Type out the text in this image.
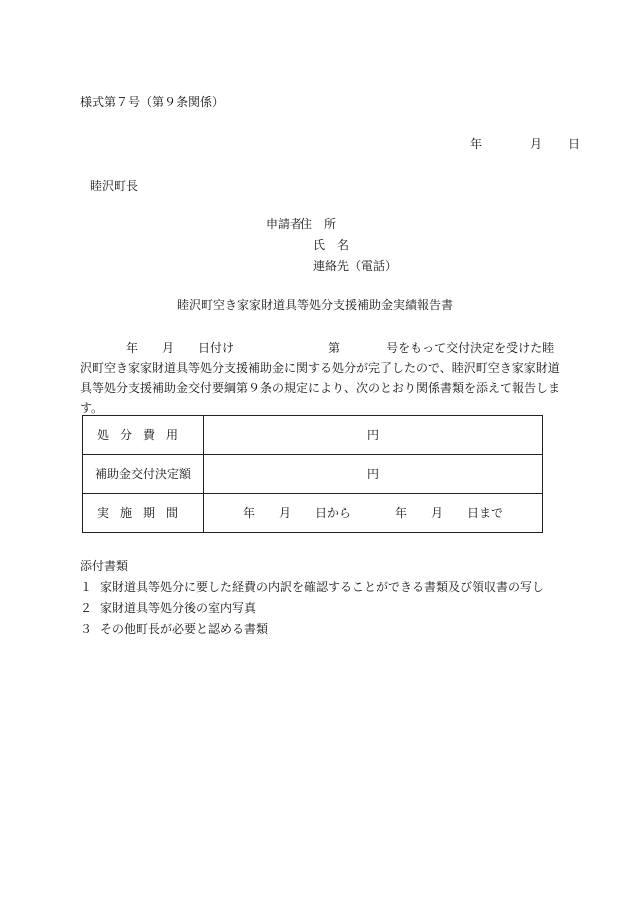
様式第７号（第９条関係）
年	月 日
睦沢町長
申請者
住　所
氏　名
連絡先（電話）
睦沢町空き家家財道具等処分支援補助金実績報告書
年 月 日付け	第	号をもって交付決定を受けた睦
沢町空き家家財道具等処分支援補助金に関する処分が完了したので、睦沢町空き家家財道
具等処分支援補助金交付要綱第９条の規定により、次のとおり関係書類を添えて報告しま
す。
処分費用	円
補助金交付決定額	円
実施期間	年 月 日から 年 月 日まで
添付書類
１ 家財道具等処分に要した経費の内訳を確認することができる書類及び領収書の写し
２ 家財道具等処分後の室内写真
３ その他町長が必要と認める書類
